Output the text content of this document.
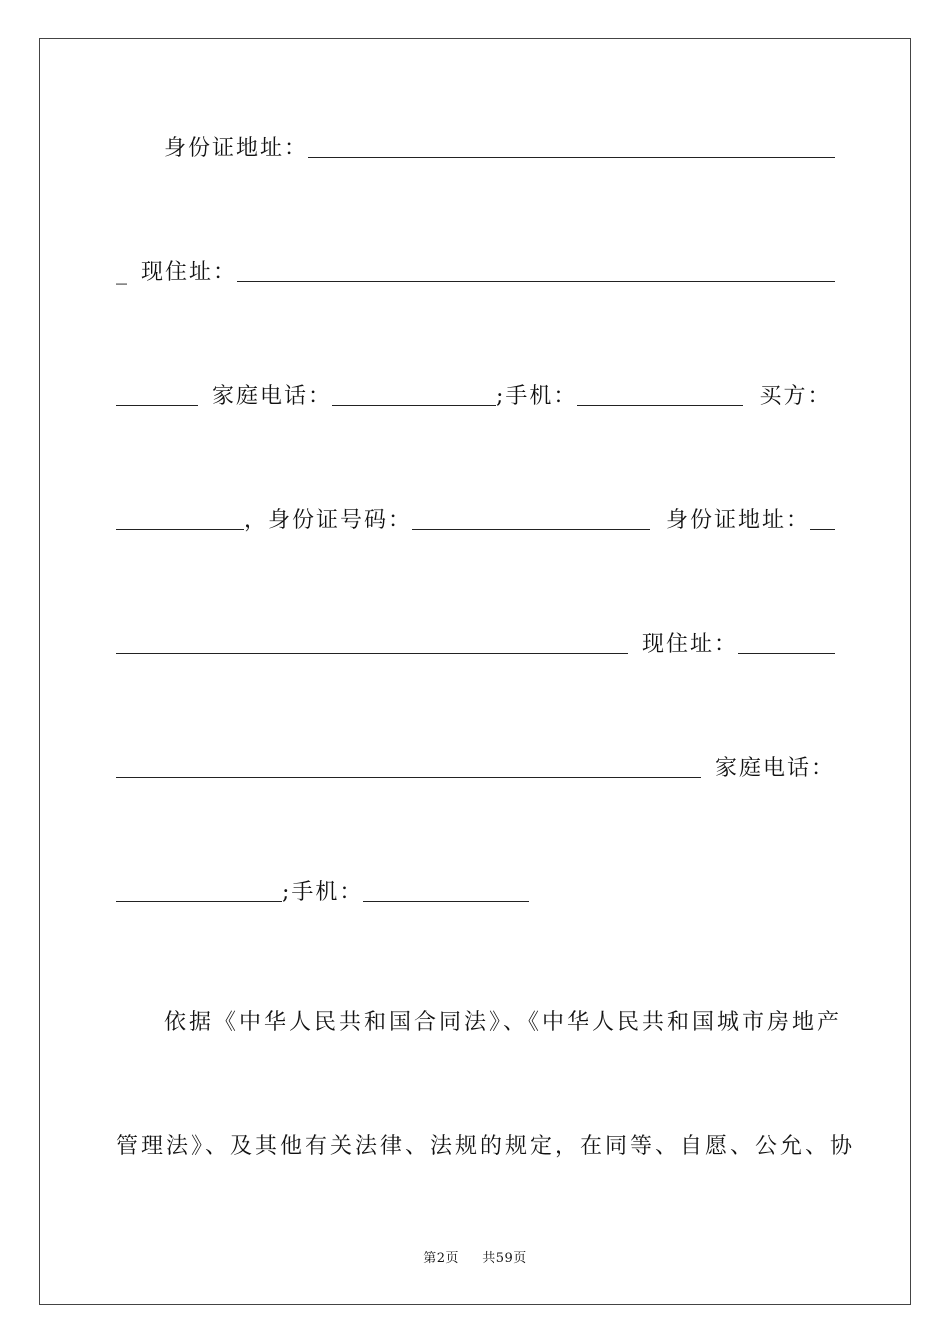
身份证地址：
_ 现住址：
家庭电话：	;手机：	买方：
，身份证号码：	身份证地址：
现住址：
家庭电话：
;手机：
依据《中华人民共和国合同法》、《中华人民共和国城市房地产
管理法》、及其他有关法律、法规的规定，在同等、自愿、公允、协
第2页 共59页
